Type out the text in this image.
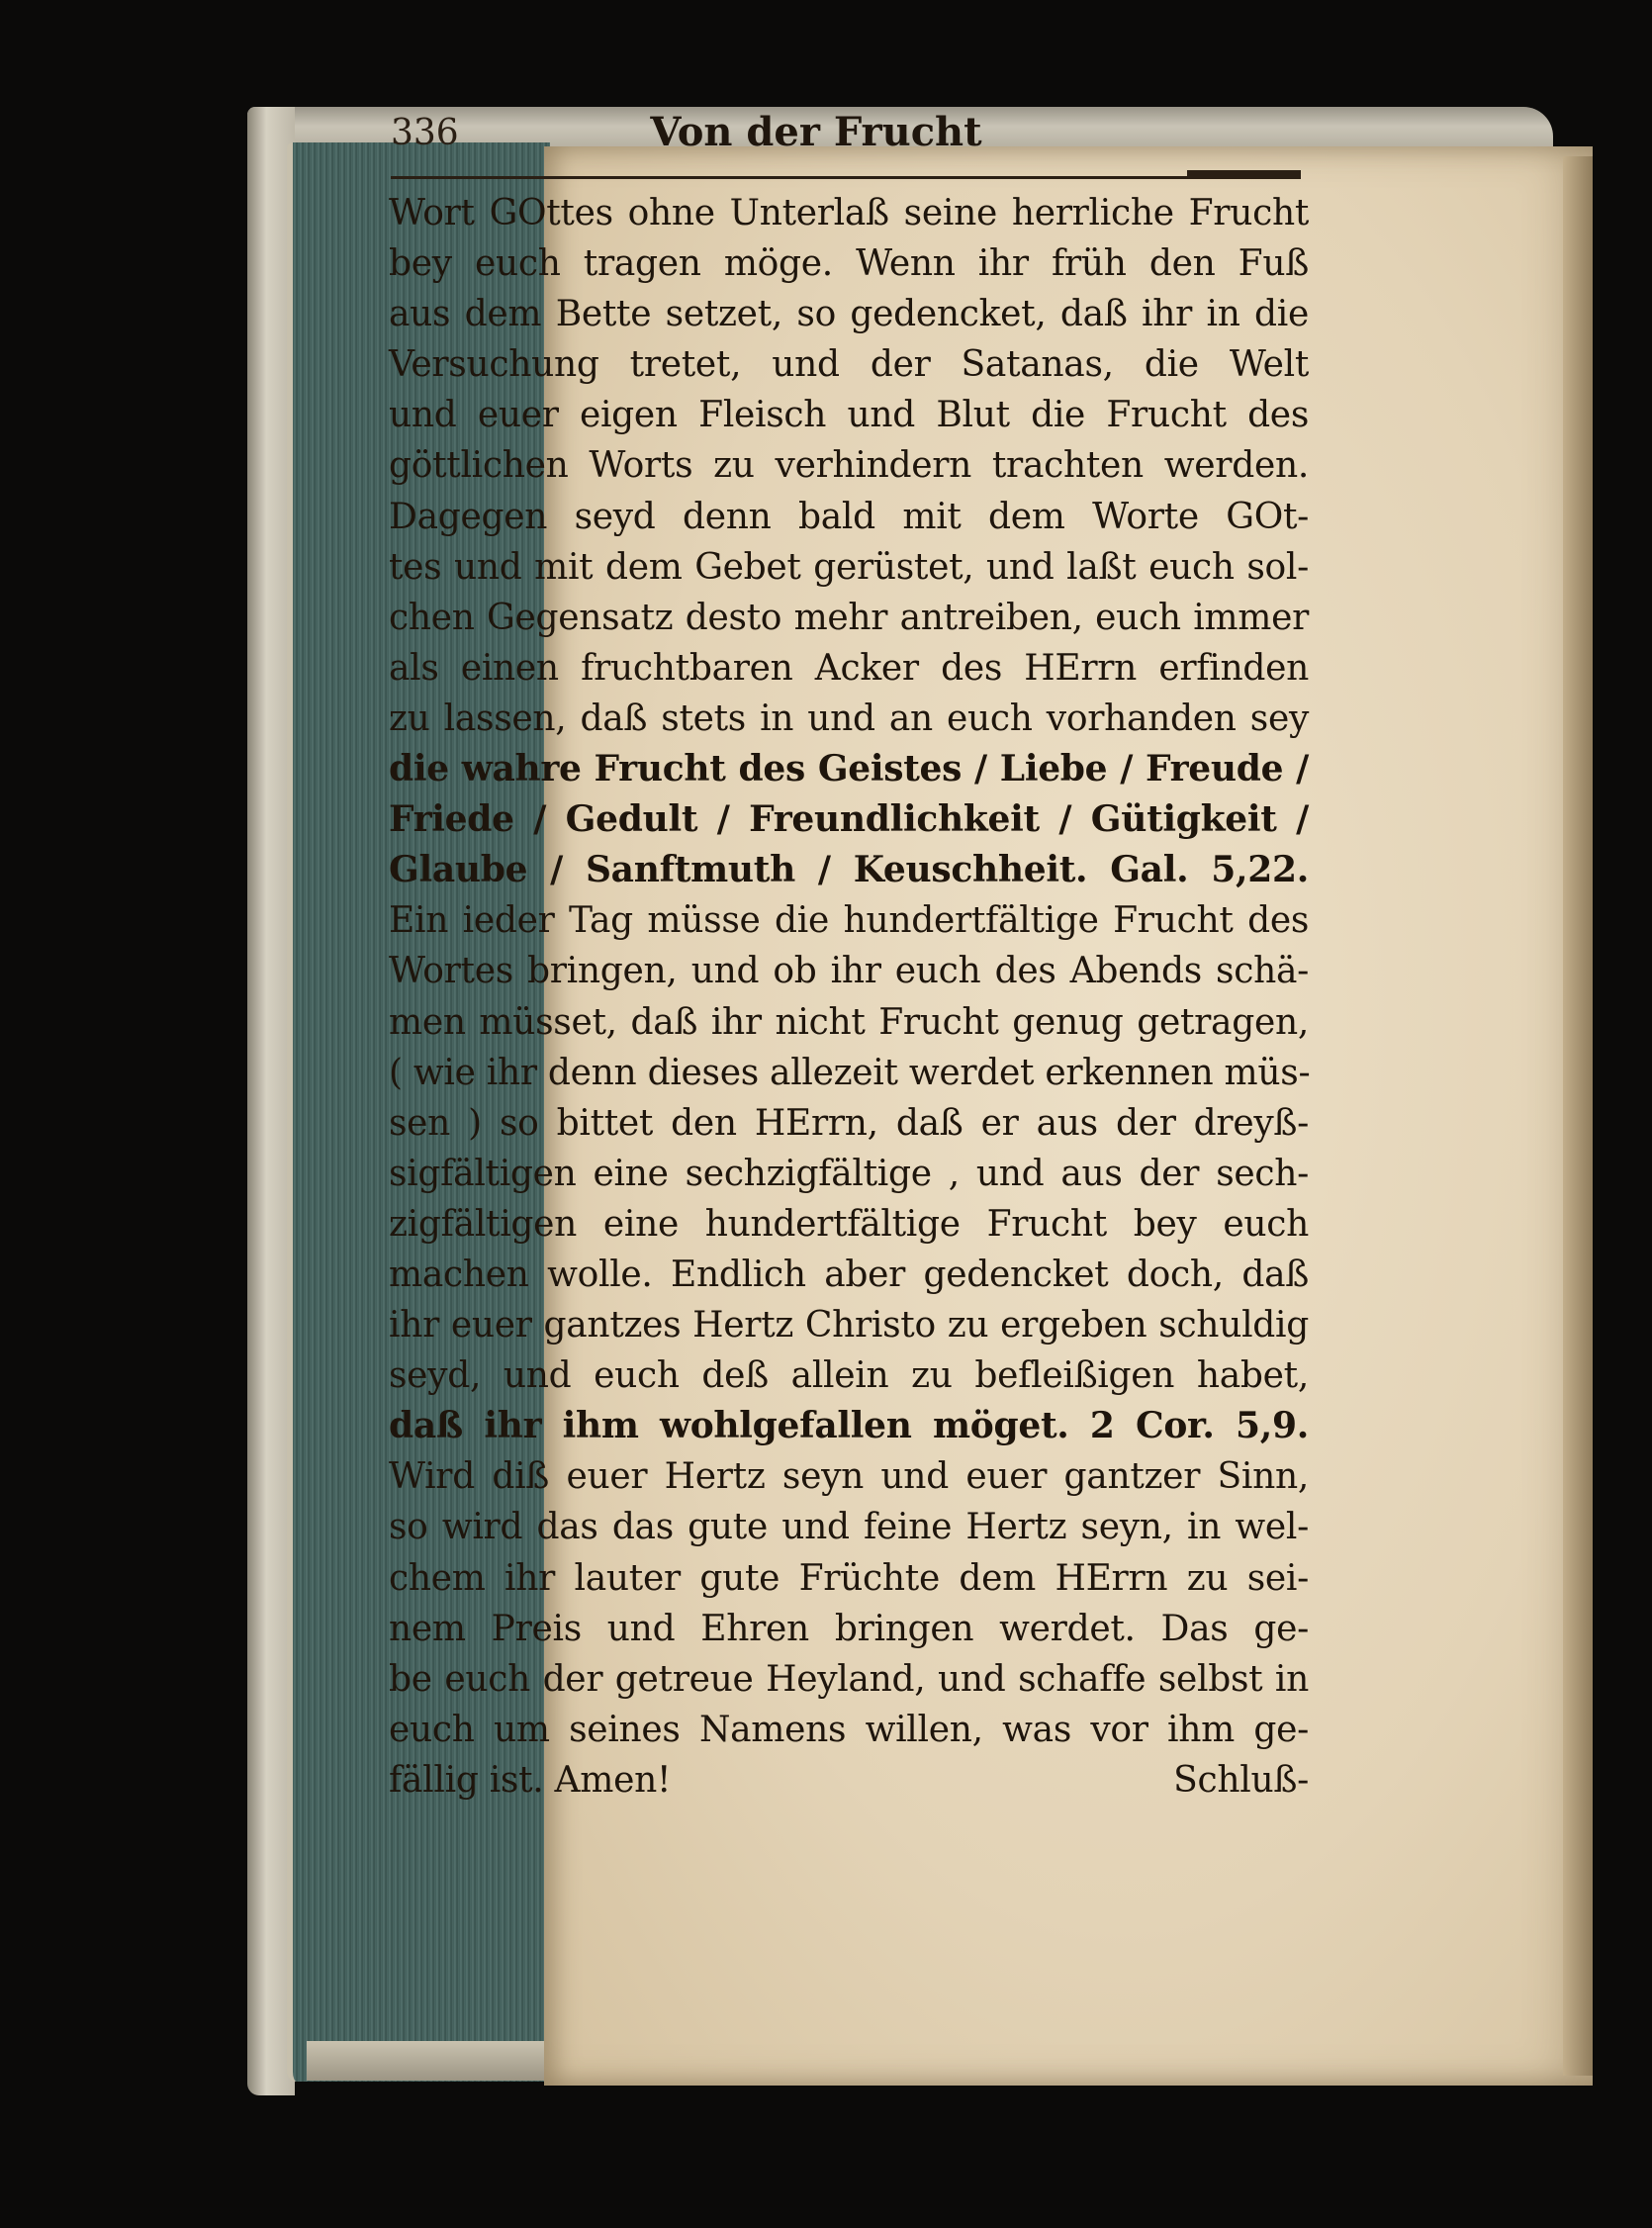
336	Von der Frucht
Wort GOttes ohne Unterlaß seine herrliche Frucht
bey euch tragen möge. Wenn ihr früh den Fuß
aus dem Bette setzet, so gedencket, daß ihr in die
Versuchung tretet, und der Satanas, die Welt
und euer eigen Fleisch und Blut die Frucht des
göttlichen Worts zu verhindern trachten werden.
Dagegen seyd denn bald mit dem Worte GOt-
tes und mit dem Gebet gerüstet, und laßt euch sol-
chen Gegensatz desto mehr antreiben, euch immer
als einen fruchtbaren Acker des HErrn erfinden
zu lassen, daß stets in und an euch vorhanden sey
die wahre Frucht des Geistes / Liebe / Freude /
Friede / Gedult / Freundlichkeit / Gütigkeit /
Glaube / Sanftmuth / Keuschheit. Gal. 5,22.
Ein ieder Tag müsse die hundertfältige Frucht des
Wortes bringen, und ob ihr euch des Abends schä-
men müsset, daß ihr nicht Frucht genug getragen,
( wie ihr denn dieses allezeit werdet erkennen müs-
sen ) so bittet den HErrn, daß er aus der dreyß-
sigfältigen eine sechzigfältige , und aus der sech-
zigfältigen eine hundertfältige Frucht bey euch
machen wolle. Endlich aber gedencket doch, daß
ihr euer gantzes Hertz Christo zu ergeben schuldig
seyd, und euch deß allein zu befleißigen habet,
daß ihr ihm wohlgefallen möget. 2 Cor. 5,9.
Wird diß euer Hertz seyn und euer gantzer Sinn,
so wird das das gute und feine Hertz seyn, in wel-
chem ihr lauter gute Früchte dem HErrn zu sei-
nem Preis und Ehren bringen werdet. Das ge-
be euch der getreue Heyland, und schaffe selbst in
euch um seines Namens willen, was vor ihm ge-
fällig ist. Amen!	Schluß-
